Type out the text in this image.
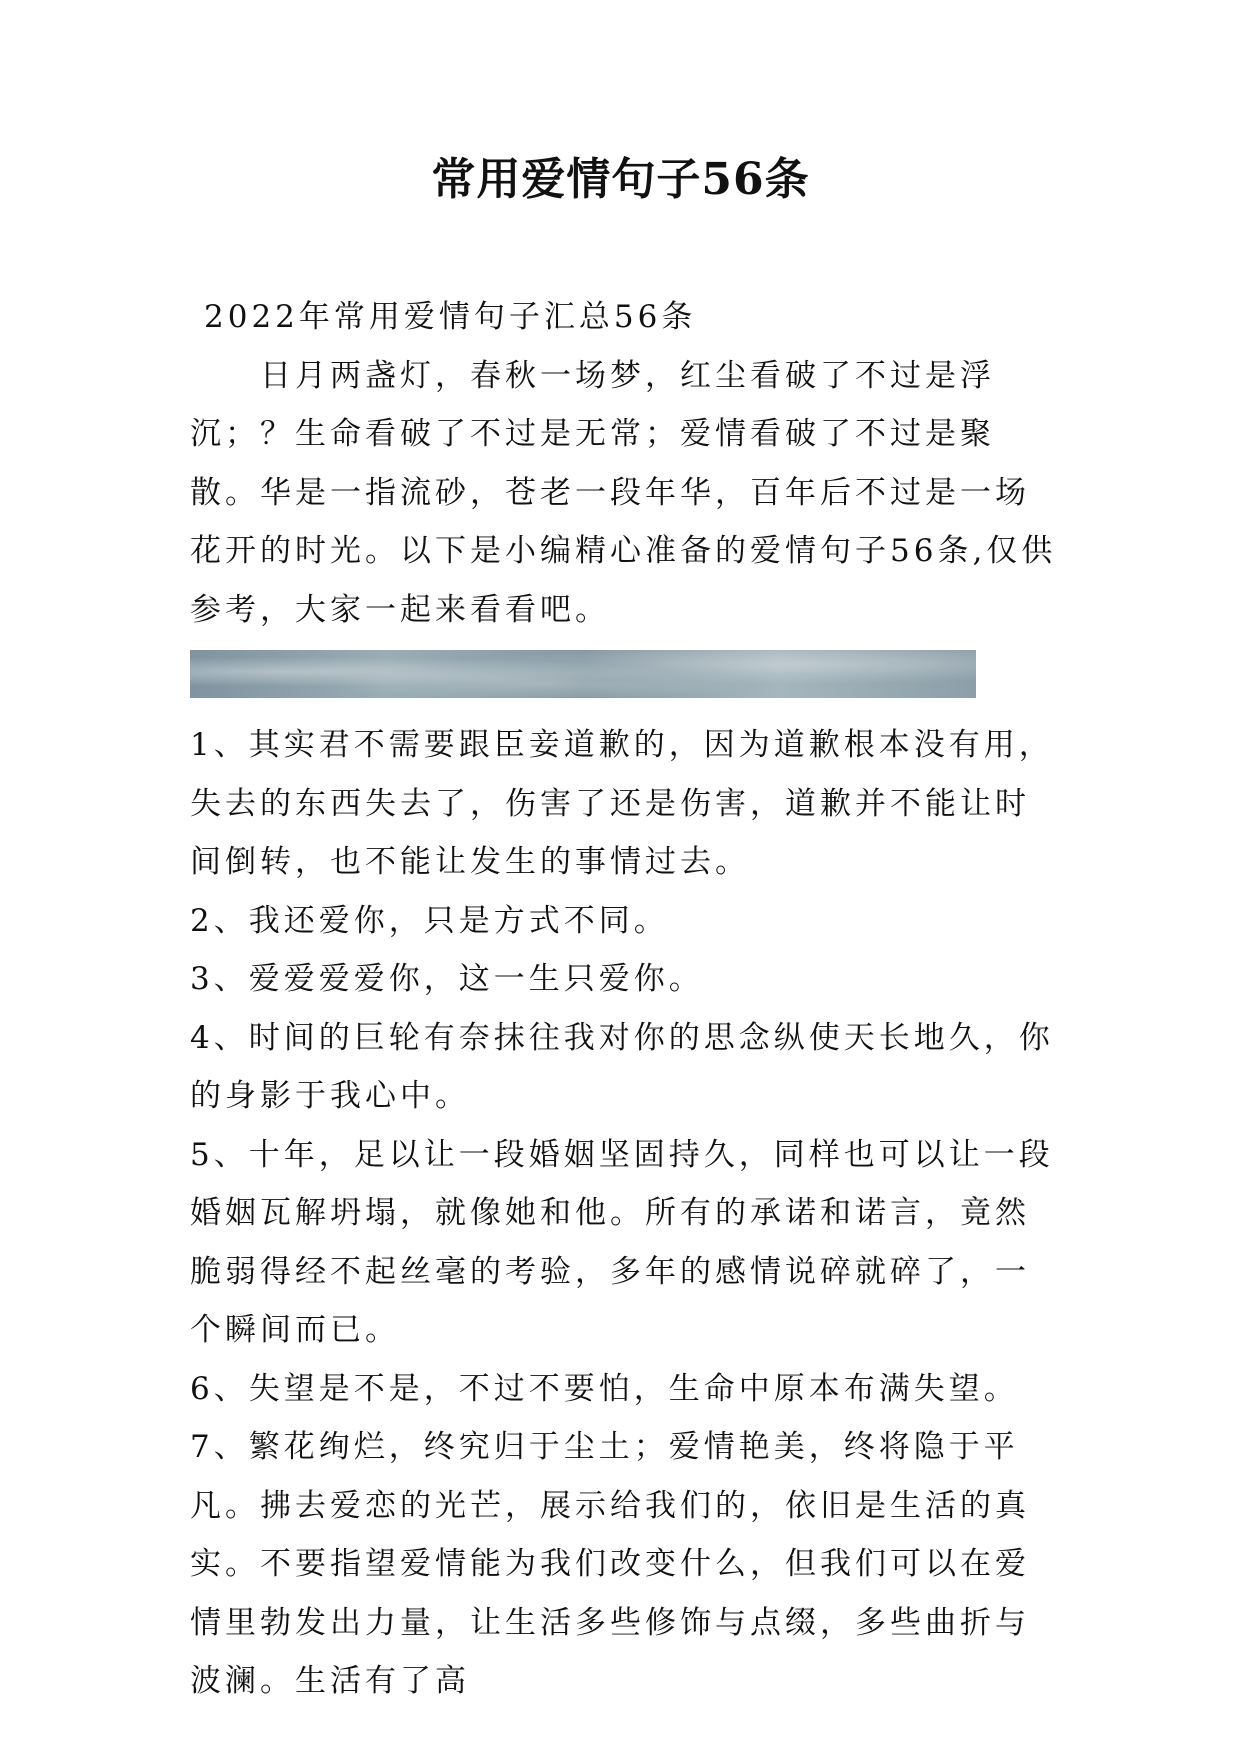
常用爱情句子56条

2022年常用爱情句子汇总56条

日月两盏灯，春秋一场梦，红尘看破了不过是浮沉；？生命看破了不过是无常；爱情看破了不过是聚散。华是一指流砂，苍老一段年华，百年后不过是一场花开的时光。以下是小编精心准备的爱情句子56条,仅供参考，大家一起来看看吧。

1、其实君不需要跟臣妾道歉的，因为道歉根本没有用，失去的东西失去了，伤害了还是伤害，道歉并不能让时间倒转，也不能让发生的事情过去。

2、我还爱你，只是方式不同。

3、爱爱爱爱你，这一生只爱你。

4、时间的巨轮有奈抹往我对你的思念纵使天长地久，你的身影于我心中。

5、十年，足以让一段婚姻坚固持久，同样也可以让一段婚姻瓦解坍塌，就像她和他。所有的承诺和诺言，竟然脆弱得经不起丝毫的考验，多年的感情说碎就碎了，一个瞬间而已。

6、失望是不是，不过不要怕，生命中原本布满失望。

7、繁花绚烂，终究归于尘土；爱情艳美，终将隐于平凡。拂去爱恋的光芒，展示给我们的，依旧是生活的真实。不要指望爱情能为我们改变什么，但我们可以在爱情里勃发出力量，让生活多些修饰与点缀，多些曲折与波澜。生活有了高
